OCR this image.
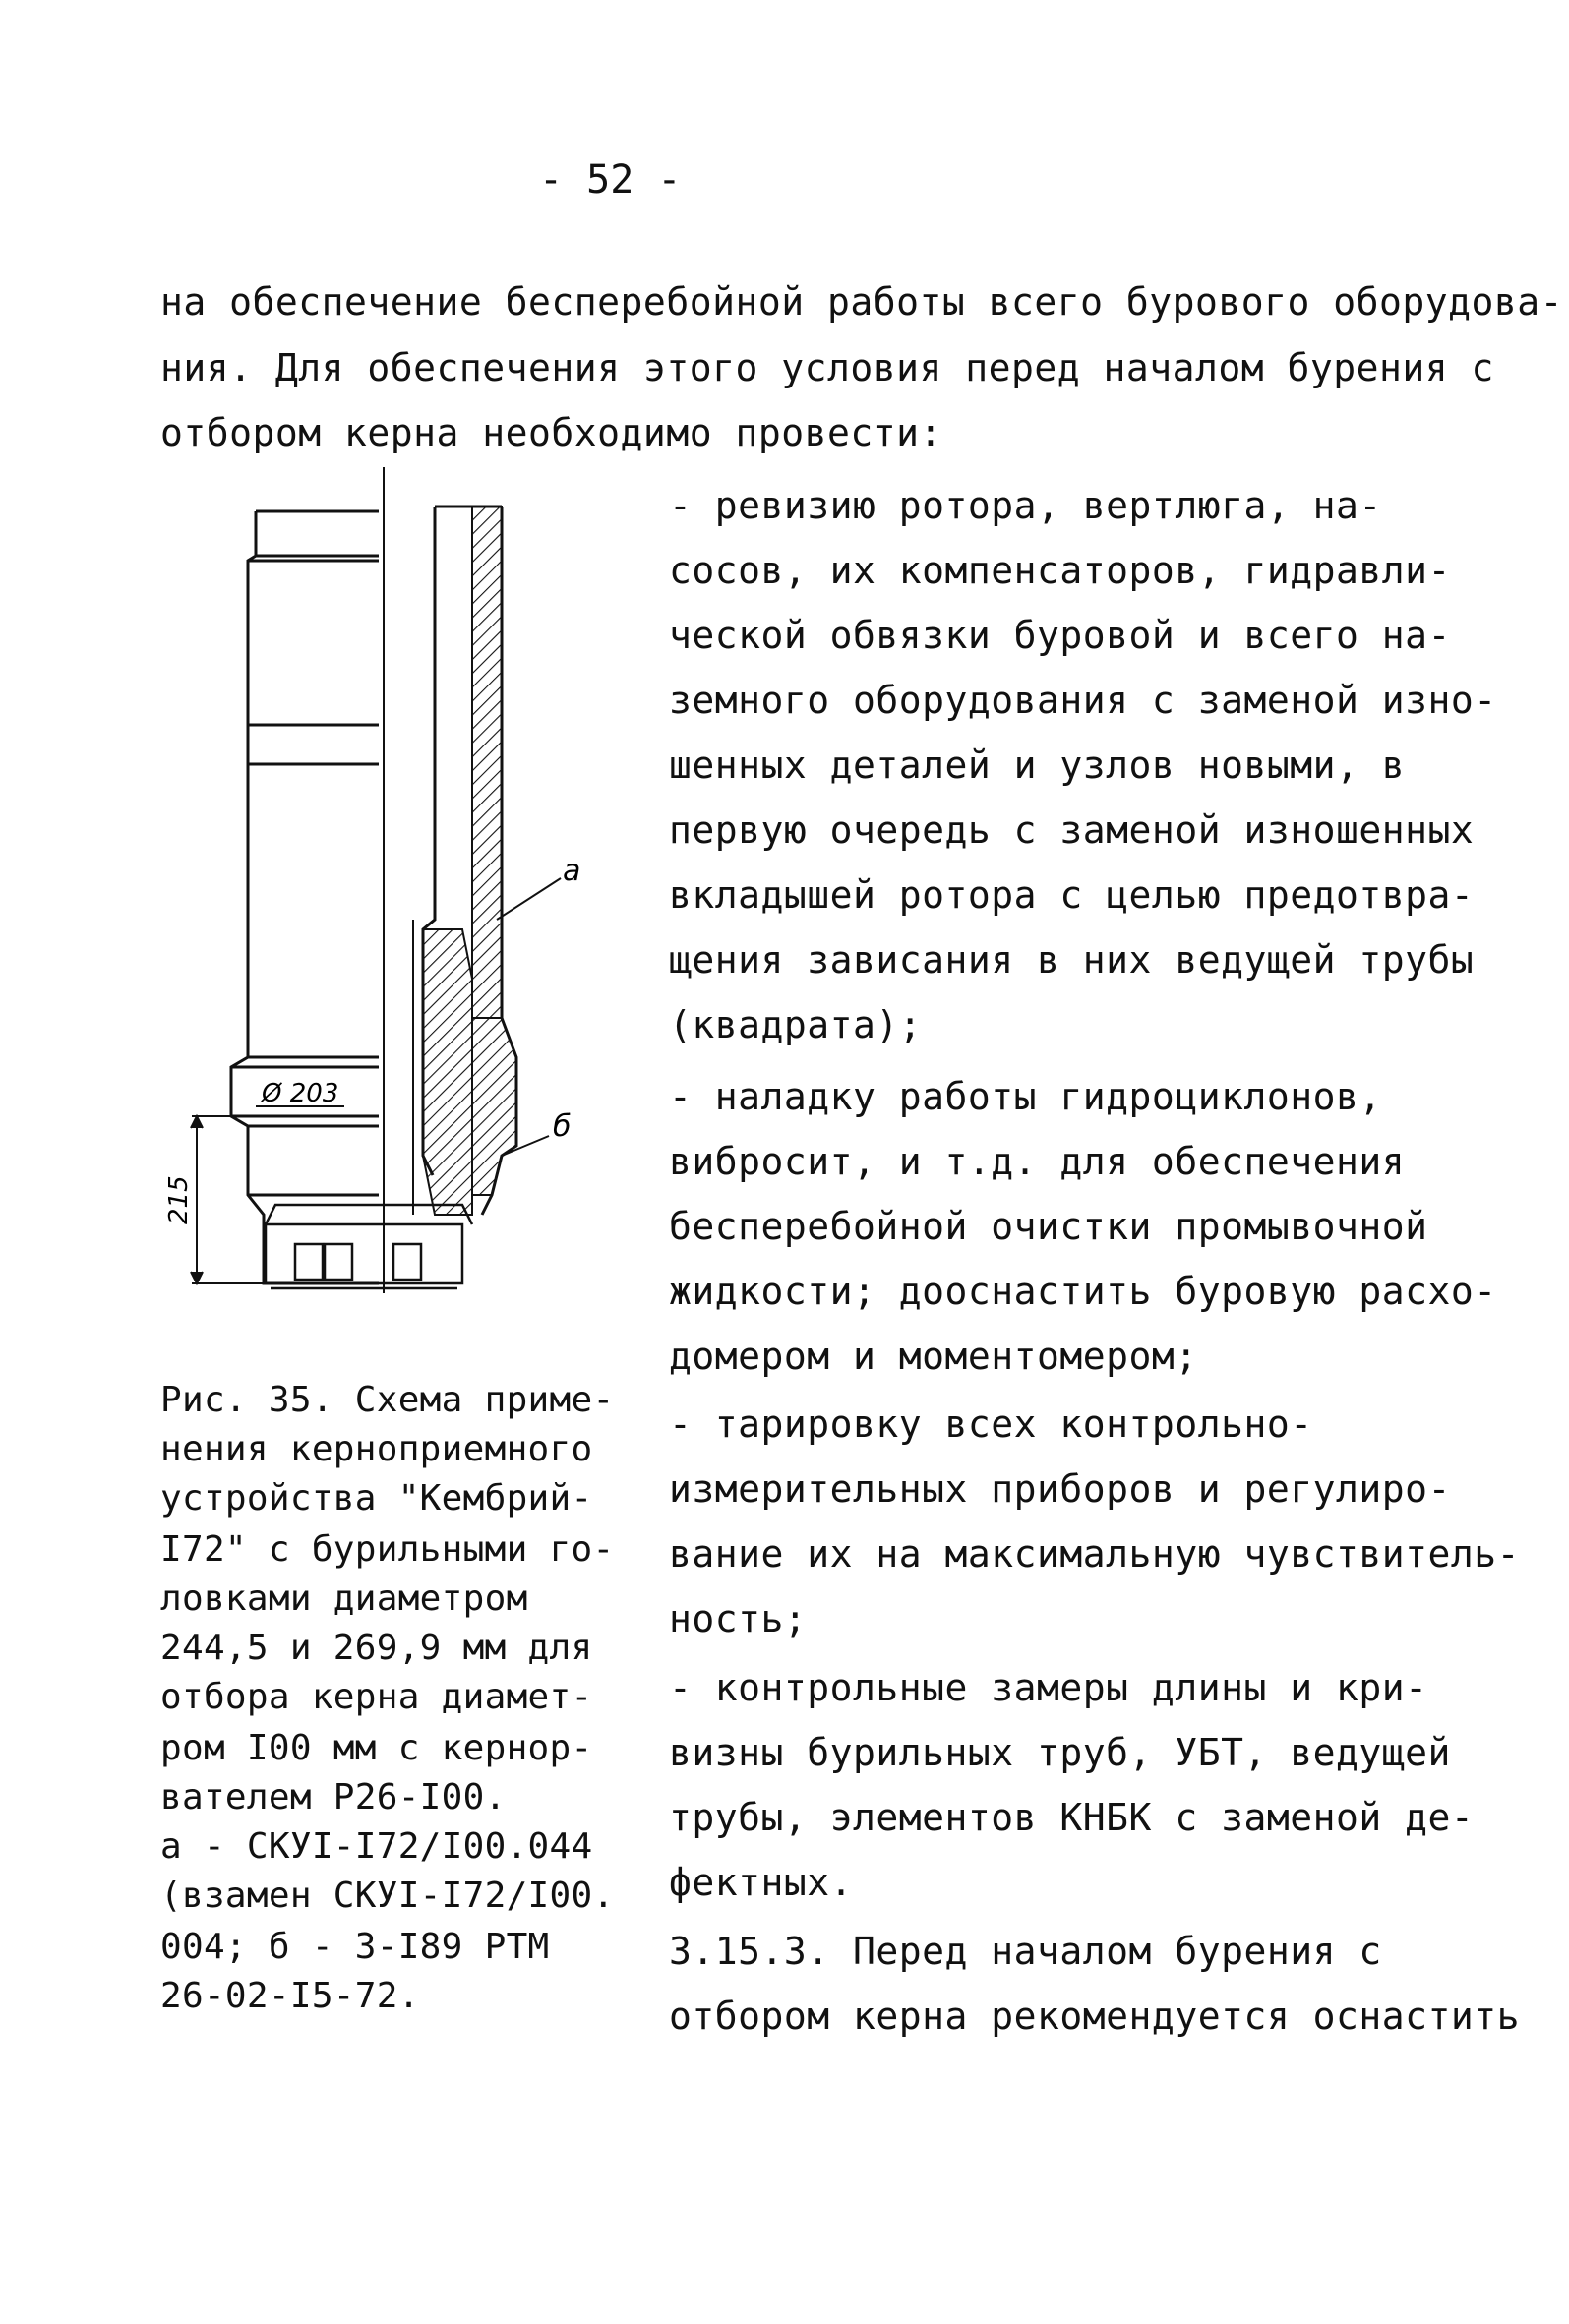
- 52 -
на обеспечение бесперебойной работы всего бурового оборудова-
ния. Для обеспечения этого условия перед началом бурения с
отбором керна необходимо провести:
215
Ø 203
а
б
Рис. 35. Схема приме-
нения керноприемного
устройства "Кембрий-
I72" с бурильными го-
ловками диаметром
244,5 и 269,9 мм для
отбора керна диамет-
ром I00 мм с кернор-
вателем Р26-I00.
а - СКУI-I72/I00.044
(взамен СКУI-I72/I00.
004; б - 3-I89 РТМ
26-02-I5-72.
- ревизию ротора, вертлюга, на-
сосов, их компенсаторов, гидравли-
ческой обвязки буровой и всего на-
земного оборудования с заменой изно-
шенных деталей и узлов новыми, в
первую очередь с заменой изношенных
вкладышей ротора с целью предотвра-
щения зависания в них ведущей трубы
(квадрата);
- наладку работы гидроциклонов,
вибросит, и т.д. для обеспечения
бесперебойной очистки промывочной
жидкости; дооснастить буровую расхо-
домером и моментомером;
- тарировку всех контрольно-
измерительных приборов и регулиро-
вание их на максимальную чувствитель-
ность;
- контрольные замеры длины и кри-
визны бурильных труб, УБТ, ведущей
трубы, элементов КНБК с заменой де-
фектных.
3.15.3. Перед началом бурения с
отбором керна рекомендуется оснастить
